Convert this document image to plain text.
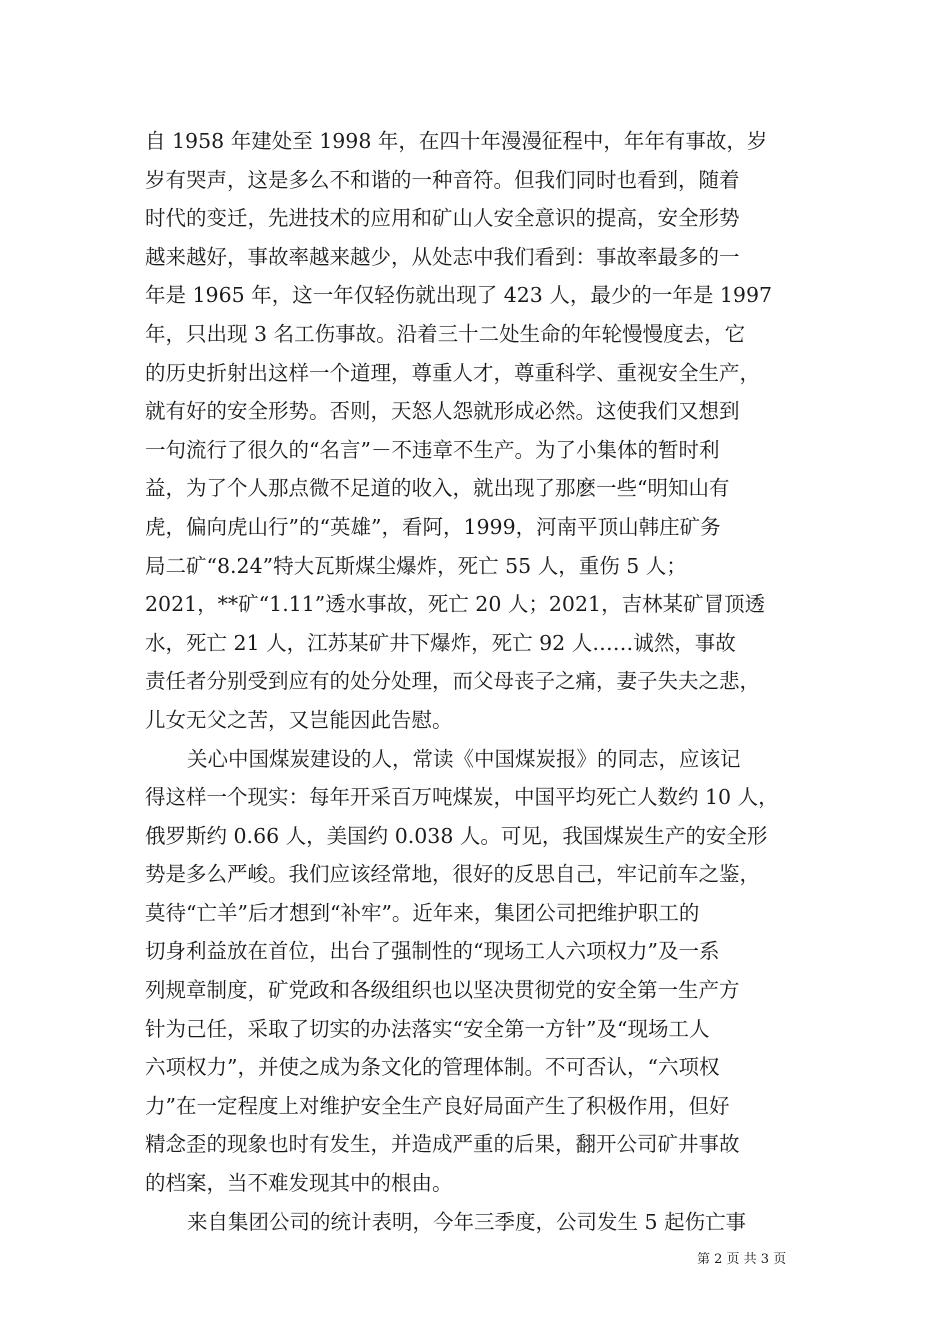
自 1958 年建处至 1998 年，在四十年漫漫征程中，年年有事故，岁
岁有哭声，这是多么不和谐的一种音符。但我们同时也看到，随着
时代的变迁，先进技术的应用和矿山人安全意识的提高，安全形势
越来越好，事故率越来越少，从处志中我们看到：事故率最多的一
年是 1965 年，这一年仅轻伤就出现了 423 人，最少的一年是 1997
年，只出现 3 名工伤事故。沿着三十二处生命的年轮慢慢度去，它
的历史折射出这样一个道理，尊重人才，尊重科学、重视安全生产，
就有好的安全形势。否则，天怒人怨就形成必然。这使我们又想到
一句流行了很久的“名言”－不违章不生产。为了小集体的暂时利
益，为了个人那点微不足道的收入，就出现了那麽一些“明知山有
虎，偏向虎山行”的“英雄”，看阿，1999，河南平顶山韩庄矿务
局二矿“8.24”特大瓦斯煤尘爆炸，死亡 55 人，重伤 5 人；
2021，**矿“1.11”透水事故，死亡 20 人；2021，吉林某矿冒顶透
水，死亡 21 人，江苏某矿井下爆炸，死亡 92 人……诚然，事故
责任者分别受到应有的处分处理，而父母丧子之痛，妻子失夫之悲，
儿女无父之苦，又岂能因此告慰。
关心中国煤炭建设的人，常读《中国煤炭报》的同志，应该记
得这样一个现实：每年开采百万吨煤炭，中国平均死亡人数约 10 人，
俄罗斯约 0.66 人，美国约 0.038 人。可见，我国煤炭生产的安全形
势是多么严峻。我们应该经常地，很好的反思自己，牢记前车之鉴，
莫待“亡羊”后才想到“补牢”。近年来，集团公司把维护职工的
切身利益放在首位，出台了强制性的“现场工人六项权力”及一系
列规章制度，矿党政和各级组织也以坚决贯彻党的安全第一生产方
针为己任，采取了切实的办法落实“安全第一方针”及“现场工人
六项权力”，并使之成为条文化的管理体制。不可否认，“六项权
力”在一定程度上对维护安全生产良好局面产生了积极作用，但好
精念歪的现象也时有发生，并造成严重的后果，翻开公司矿井事故
的档案，当不难发现其中的根由。
来自集团公司的统计表明，今年三季度，公司发生 5 起伤亡事
第 2 页 共 3 页
